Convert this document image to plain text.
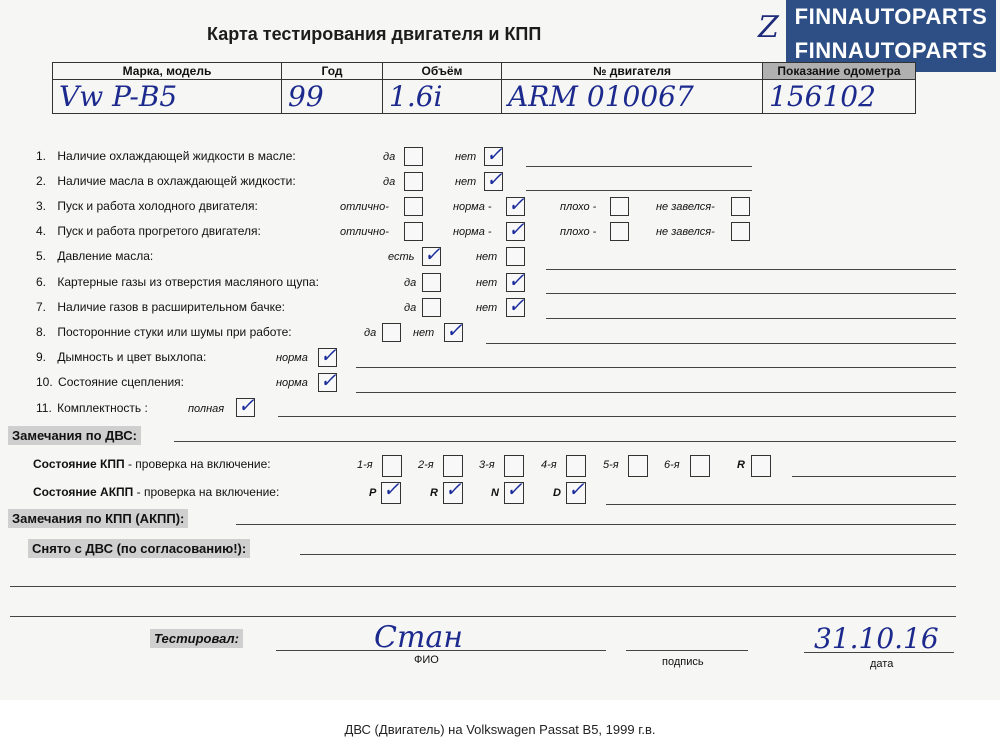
Карта тестирования двигателя и КПП	Z FINNAUTOPARTS
FINNAUTOPARTS
Марка, модель	Год	Объём	№ двигателя	Показание одометра
Vw P-B5	99	1.6i	ARM 010067	156102
1. Наличие охлаждающей жидкости в масле:	да	нет ✓
2. Наличие масла в охлаждающей жидкости:	да	нет ✓
3. Пуск и работа холодного двигателя:	отлично-	норма - ✓	плохо -	не завелся-
4. Пуск и работа прогретого двигателя:	отлично-	норма - ✓	плохо -	не завелся-
5. Давление масла:	есть ✓	нет
6. Картерные газы из отверстия масляного щупа:	да	нет ✓
7. Наличие газов в расширительном бачке:	да	нет ✓
8. Посторонние стуки или шумы при работе:	да	нет ✓
9. Дымность и цвет выхлопа:	норма ✓
10. Состояние сцепления:	норма ✓
11. Комплектность :	полная ✓
Замечания по ДВС:
Состояние КПП - проверка на включение:	1-я	2-я	3-я	4-я	5-я	6-я	R
Состояние АКПП - проверка на включение:	P ✓	R ✓	N ✓	D ✓
Замечания по КПП (АКПП):
Снято с ДВС (по согласованию!):
Тестировал:	Стан	31.10.16
ФИО	подпись	дата
ДВС (Двигатель) на Volkswagen Passat B5, 1999 г.в.
